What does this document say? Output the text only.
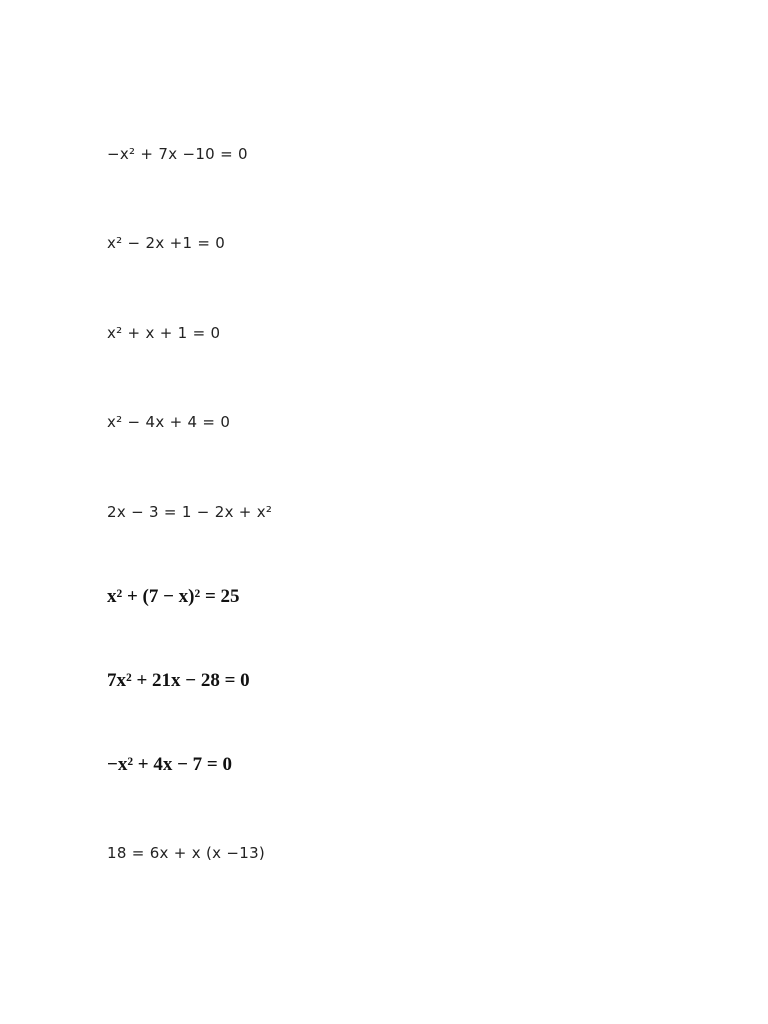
−x² + 7x −10 = 0
x² − 2x +1 = 0
x² + x + 1 = 0
x² − 4x + 4 = 0
2x − 3 = 1 − 2x + x²
x² + (7 − x)² = 25
7x² + 21x − 28 = 0
−x² + 4x − 7 = 0
18 = 6x + x (x −13)
